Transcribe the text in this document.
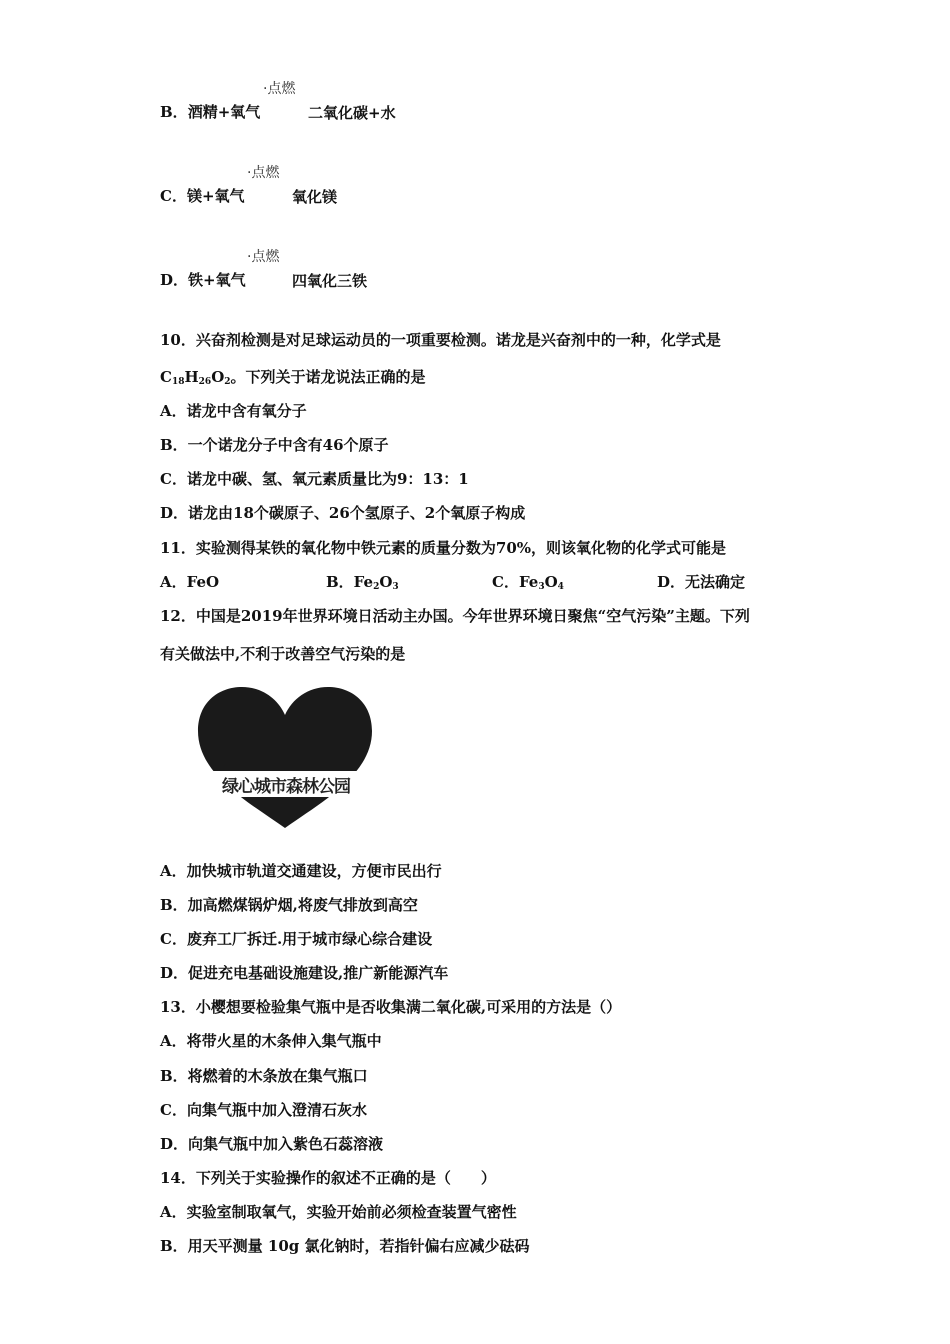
·点燃
B．酒精+氧气	二氧化碳+水
·点燃
C．镁+氧气	氧化镁
·点燃
D．铁+氧气	四氧化三铁
10．兴奋剂检测是对足球运动员的一项重要检测。诺龙是兴奋剂中的一种，化学式是
$C_{18}H_{26}O_2$。下列关于诺龙说法正确的是
A．诺龙中含有氧分子
B．一个诺龙分子中含有46个原子
C．诺龙中碳、氢、氧元素质量比为9：13：1
D．诺龙由18个碳原子、26个氢原子、2个氧原子构成
11．实验测得某铁的氧化物中铁元素的质量分数为70%，则该氧化物的化学式可能是
A．FeO	B．$Fe_2O_3$	C．$Fe_3O_4$	D．无法确定
12．中国是2019年世界环境日活动主办国。今年世界环境日聚焦“空气污染”主题。下列
有关做法中,不利于改善空气污染的是
绿心城市森林公园
A．加快城市轨道交通建设，方便市民出行
B．加高燃煤锅炉烟,将废气排放到高空
C．废弃工厂拆迁.用于城市绿心综合建设
D．促进充电基础设施建设,推广新能源汽车
13．小樱想要检验集气瓶中是否收集满二氧化碳,可采用的方法是（）
A．将带火星的木条伸入集气瓶中
B．将燃着的木条放在集气瓶口
C．向集气瓶中加入澄清石灰水
D．向集气瓶中加入紫色石蕊溶液
14．下列关于实验操作的叙述不正确的是（　　）
A．实验室制取氧气，实验开始前必须检查装置气密性
B．用天平测量 10g 氯化钠时，若指针偏右应减少砝码
